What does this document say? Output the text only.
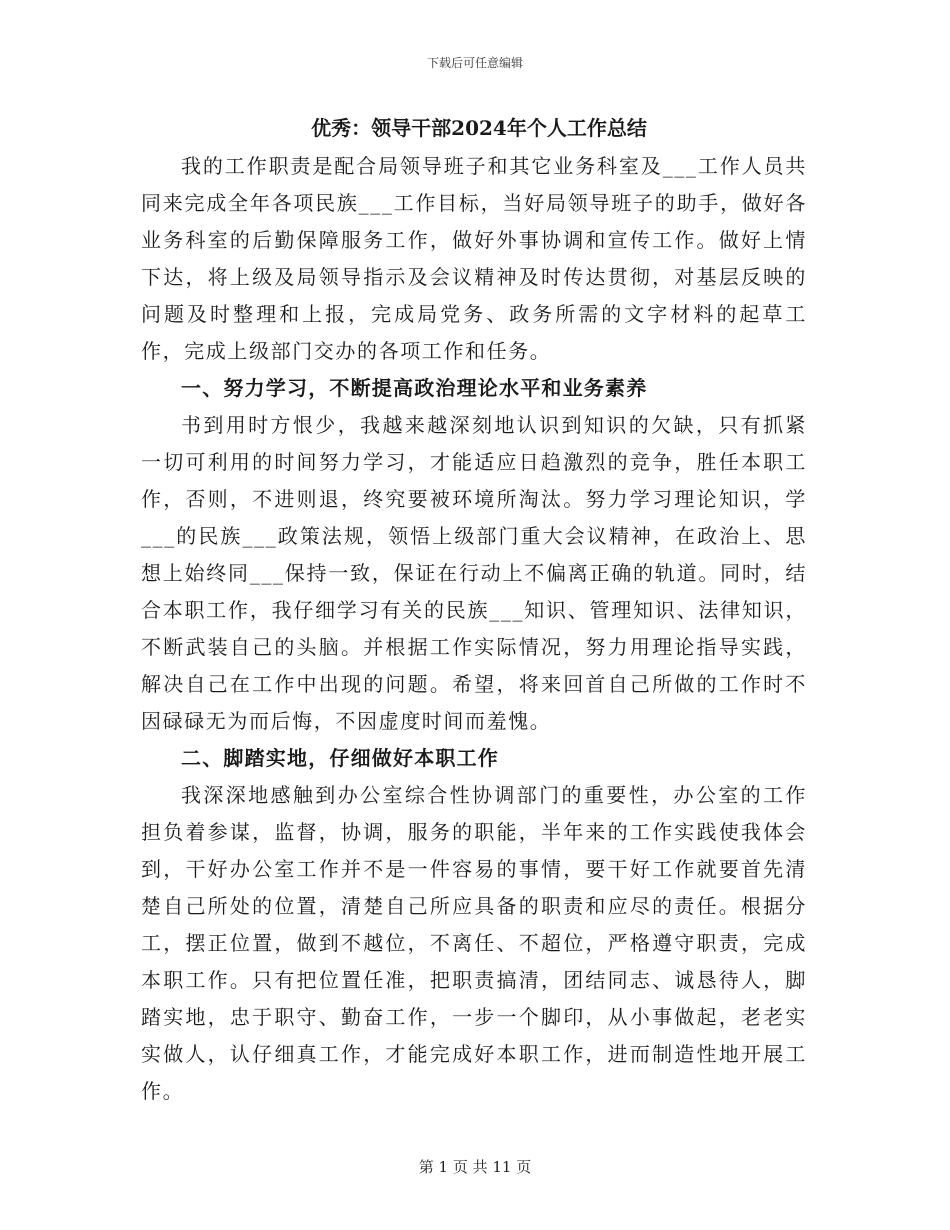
下载后可任意编辑
优秀：领导干部2024年个人工作总结

我的工作职责是配合局领导班子和其它业务科室及___工作人员共同来完成全年各项民族___工作目标，当好局领导班子的助手，做好各业务科室的后勤保障服务工作，做好外事协调和宣传工作。做好上情下达，将上级及局领导指示及会议精神及时传达贯彻，对基层反映的问题及时整理和上报，完成局党务、政务所需的文字材料的起草工作，完成上级部门交办的各项工作和任务。

一、努力学习，不断提高政治理论水平和业务素养

书到用时方恨少，我越来越深刻地认识到知识的欠缺，只有抓紧一切可利用的时间努力学习，才能适应日趋激烈的竞争，胜任本职工作，否则，不进则退，终究要被环境所淘汰。努力学习理论知识，学___的民族___政策法规，领悟上级部门重大会议精神，在政治上、思想上始终同___保持一致，保证在行动上不偏离正确的轨道。同时，结合本职工作，我仔细学习有关的民族___知识、管理知识、法律知识，不断武装自己的头脑。并根据工作实际情况，努力用理论指导实践，解决自己在工作中出现的问题。希望，将来回首自己所做的工作时不因碌碌无为而后悔，不因虚度时间而羞愧。

二、脚踏实地，仔细做好本职工作

我深深地感触到办公室综合性协调部门的重要性，办公室的工作担负着参谋，监督，协调，服务的职能，半年来的工作实践使我体会到，干好办公室工作并不是一件容易的事情，要干好工作就要首先清楚自己所处的位置，清楚自己所应具备的职责和应尽的责任。根据分工，摆正位置，做到不越位，不离任、不超位，严格遵守职责，完成本职工作。只有把位置任准，把职责搞清，团结同志、诚恳待人，脚踏实地，忠于职守、勤奋工作，一步一个脚印，从小事做起，老老实实做人，认仔细真工作，才能完成好本职工作，进而制造性地开展工作。

第 1 页 共 11 页
